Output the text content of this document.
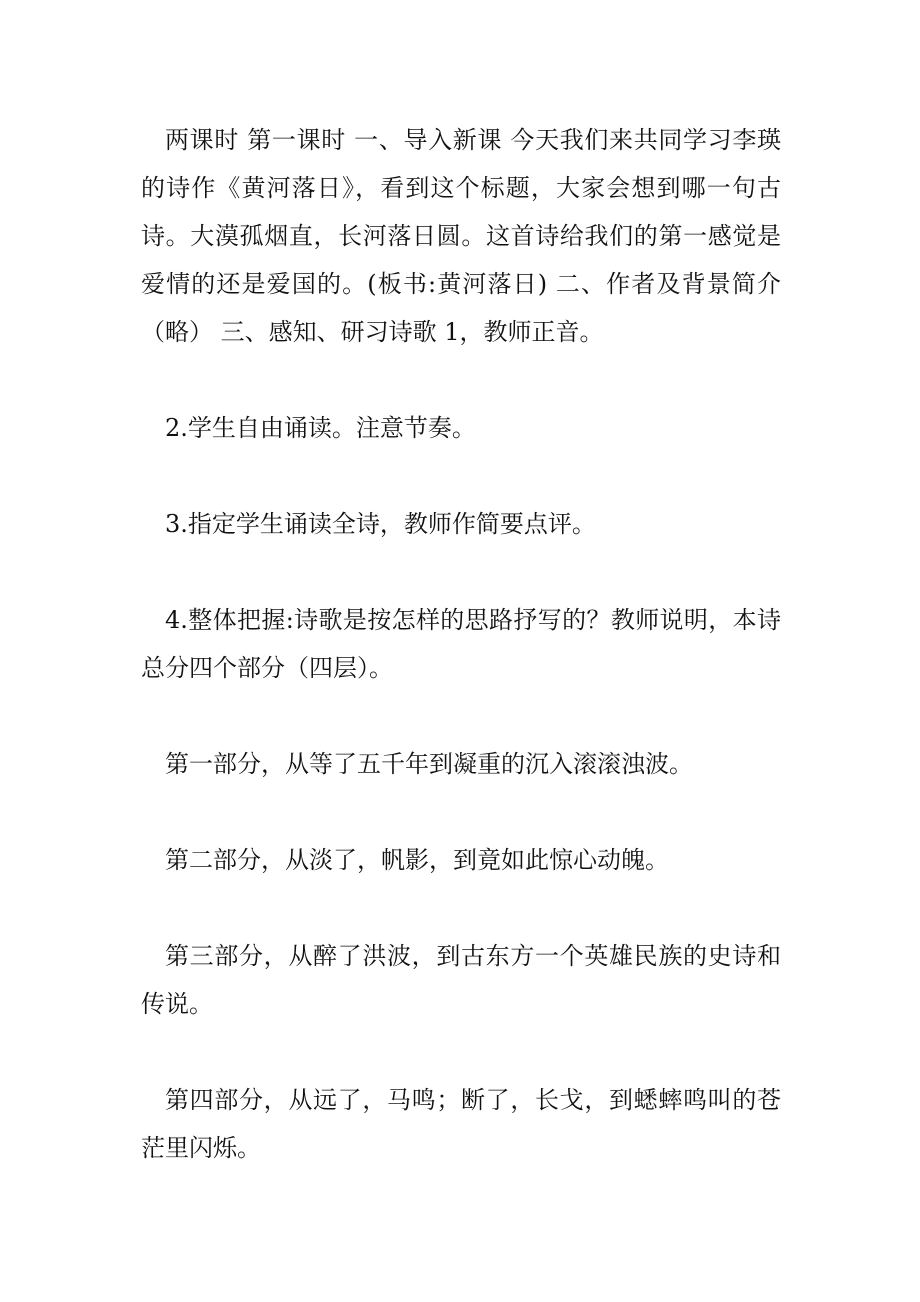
两课时 第一课时 一、导入新课 今天我们来共同学习李瑛的诗作《黄河落日》，看到这个标题，大家会想到哪一句古诗。大漠孤烟直，长河落日圆。这首诗给我们的第一感觉是爱情的还是爱国的。(板书:黄河落日) 二、作者及背景简介（略） 三、感知、研习诗歌 1，教师正音。

2.学生自由诵读。注意节奏。

3.指定学生诵读全诗，教师作简要点评。

4.整体把握:诗歌是按怎样的思路抒写的？教师说明，本诗总分四个部分（四层）。

第一部分，从等了五千年到凝重的沉入滚滚浊波。

第二部分，从淡了，帆影，到竟如此惊心动魄。

第三部分，从醉了洪波，到古东方一个英雄民族的史诗和传说。

第四部分，从远了，马鸣；断了，长戈，到蟋蟀鸣叫的苍茫里闪烁。
